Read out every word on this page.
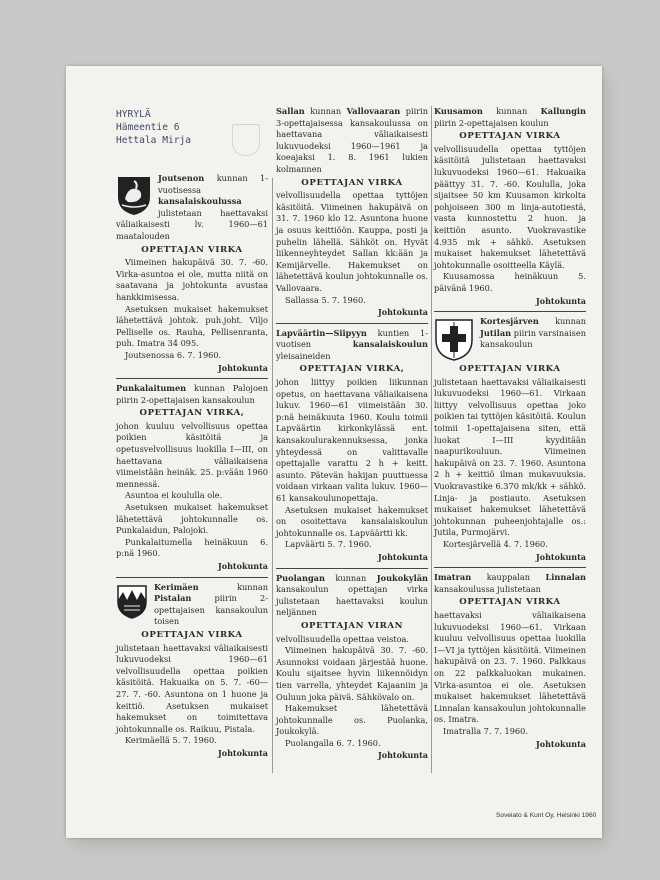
HYRYLÄ
Hämeentie 6
Hettala Mirja

Joutsenon kunnan 1-vuotisessa kansalaiskoulussa julistetaan haettavaksi väliaikaisesti lv. 1960—61 maatalouden

OPETTAJAN VIRKA

Viimeinen hakupäivä 30. 7. -60. Virka-asuntoa ei ole, mutta niitä on saatavana ja johtokunta avustaa hankkimisessa.

Asetuksen mukaiset hakemukset lähetettävä johtok. puh.joht. Viljo Pelliselle os. Rauha, Pellisenranta, puh. Imatra 34 095.

Joutsenossa 6. 7. 1960.

Johtokunta

Punkalaitumen kunnan Palojoen piirin 2-opettajaisen kansakoulun

OPETTAJAN VIRKA,

johon kuuluu velvollisuus opettaa poikien käsitöitä ja opetusvelvollisuus luokilla I—III, on haettavana väliaikaisena viimeistään heinäk. 25. p:vään 1960 mennessä.

Asuntoa ei koululla ole.

Asetuksen mukaiset hakemukset lähetettävä johtokunnalle os. Punkalaidun, Palojoki.

Punkalaitumella heinäkuun 6. p:nä 1960.

Johtokunta

Kerimäen	kunnan Pistalan	piirin 2-opettajaisen kansakoulun toisen

OPETTAJAN VIRKA

julistetaan haettavaksi väliaikaisesti lukuvuodeksi 1960—61 velvollisuudella opettaa poikien käsitöitä. Hakuaika on 5. 7. -60— 27. 7. -60. Asuntona on 1 huone ja keittiö. Asetuksen mukaiset hakemukset on toimitettava johtokunnalle os. Raikuu, Pistala.

Kerimäellä 5. 7. 1960.

Johtokunta

Sallan kunnan Vallovaaran piirin 3-opettajaisessa kansakoulussa on haettavana väliaikaisesti lukuvuodeksi 1960—1961 ja koeajaksi 1. 8. 1961 lukien kolmannen

OPETTAJAN VIRKA

velvollisuudella opettaa tyttöjen käsitöitä. Viimeinen hakupäivä on 31. 7. 1960 klo 12. Asuntona huone ja osuus keittiöön. Kauppa, posti ja puhelin lähellä. Sähköt on. Hyvät liikenneyhteydet Sallan kk:ään ja Kemijärvelle. Hakemukset on lähetettävä koulun johtokunnalle os. Vallovaara.

Sallassa 5. 7. 1960.

Johtokunta

Lapväärtin—Siipyyn kuntien 1-vuotisen	kansalaiskoulun yleisaineiden

OPETTAJAN VIRKA,

johon liittyy poikien liikunnan opetus, on haettavana väliaikaisena lukuv. 1960—61 viimeistään 30. p:nä heinäkuuta 1960. Koulu toimii Lapväärtin kirkonkylässä ent. kansakoulurakennuksessa, jonka yhteydessä on valittavalle opettajalle varattu 2 h + keitt. asunto. Pätevän hakijan puuttuessa voidaan virkaan valita lukuv. 1960—61 kansakoulunopettaja.

Asetuksen mukaiset hakemukset on osoitettava kansalaiskoulun johtokunnalle os. Lapväärtti kk.

Lapväärti 5. 7. 1960.

Johtokunta

Puolangan kunnan Joukokylän kansakoulun opettajan virka julistetaan haettavaksi koulun neljännen

OPETTAJAN VIRAN

velvollisuudella opettaa veistoa.

Viimeinen hakupäivä 30. 7. -60. Asunnoksi voidaan järjestää huone. Koulu sijaitsee hyvin liikennöidyn tien varrella, yhteydet Kajaaniin ja Ouluun joka päivä. Sähkövalo on.

Hakemukset lähetettävä johtokunnalle os. Puolanka, Joukokylä.

Puolangalla 6. 7. 1960.

Johtokunta

Kuusamon kunnan Kallungin piirin 2-opettajaisen koulun

OPETTAJAN VIRKA

velvollisuudella opettaa tyttöjen käsitöitä julistetaan haettavaksi lukuvuodeksi 1960—61. Hakuaika päättyy 31. 7. -60. Koululla, joka sijaitsee 50 km Kuusamon kirkolta pohjoiseen 300 m linja-autotiestä, vasta kunnostettu 2 huon. ja keittiön asunto. Vuokravastike 4.935 mk + sähkö. Asetuksen mukaiset hakemukset lähetettävä johtokunnalle osoitteella Käylä.

Kuusamossa heinäkuun 5. päivänä 1960.

Johtokunta

Kortesjärven kunnan Jutilan piirin varsinaisen kansakoulun

OPETTAJAN VIRKA

julistetaan haettavaksi väliaikaisesti lukuvuodeksi 1960—61. Virkaan liittyy velvollisuus opettaa joko poikien tai tyttöjen käsitöitä. Koulun toimii 1-opettajaisena siten, että luokat I—III kyyditään naapurikouluun. Viimeinen hakupäivä on 23. 7. 1960. Asuntona 2 h + keittiö ilman mukavuuksia. Vuokravastike 6.370 mk/kk + sähkö. Linja- ja postiauto. Asetuksen mukaiset hakemukset lähetettävä johtokunnan puheenjohtajalle os.: Jutila, Purmojärvi.

Kortesjärvellä 4. 7. 1960.

Johtokunta

Imatran kauppalan Linnalan kansakoulussa julistetaan

OPETTAJAN VIRKA

haettavaksi väliaikaisena lukuvuodeksi 1960—61. Virkaan kuuluu velvollisuus opettaa luokilla I—VI ja tyttöjen käsitöitä. Viimeinen hakupäivä on 23. 7. 1960. Palkkaus on 22 palkkaluokan mukainen. Virka-asuntoa ei ole. Asetuksen mukaiset hakemukset lähetettävä Linnalan kansakoulun johtokunnalle os. Imatra.

Imatralla 7. 7. 1960.

Johtokunta
Soveiato & Kunt Oy, Helsinki 1960
